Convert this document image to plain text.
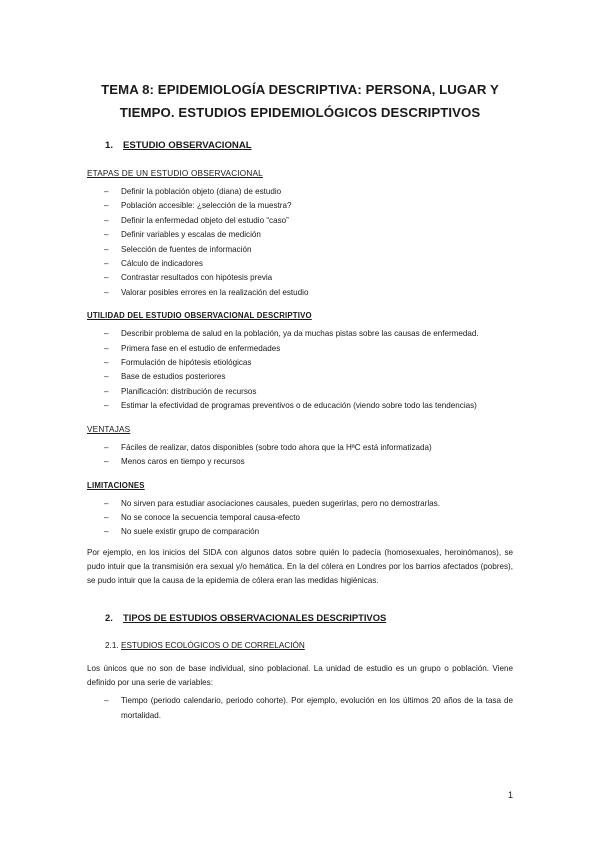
TEMA 8: EPIDEMIOLOGÍA DESCRIPTIVA: PERSONA, LUGAR Y
TIEMPO. ESTUDIOS EPIDEMIOLÓGICOS DESCRIPTIVOS
1. ESTUDIO OBSERVACIONAL
ETAPAS DE UN ESTUDIO OBSERVACIONAL
– Definir la población objeto (diana) de estudio
– Población accesible: ¿selección de la muestra?
– Definir la enfermedad objeto del estudio “caso”
– Definir variables y escalas de medición
– Selección de fuentes de información
– Cálculo de indicadores
– Contrastar resultados con hipótesis previa
– Valorar posibles errores en la realización del estudio
UTILIDAD DEL ESTUDIO OBSERVACIONAL DESCRIPTIVO
– Describir problema de salud en la población, ya da muchas pistas sobre las causas de enfermedad.
– Primera fase en el estudio de enfermedades
– Formulación de hipótesis etiológicas
– Base de estudios posteriores
– Planificación: distribución de recursos
– Estimar la efectividad de programas preventivos o de educación (viendo sobre todo las tendencias)
VENTAJAS
– Fáciles de realizar, datos disponibles (sobre todo ahora que la HªC está informatizada)
– Menos caros en tiempo y recursos
LIMITACIONES
– No sirven para estudiar asociaciones causales, pueden sugerirlas, pero no demostrarlas.
– No se conoce la secuencia temporal causa-efecto
– No suele existir grupo de comparación

Por ejemplo, en los inicios del SIDA con algunos datos sobre quién lo padecía (homosexuales, heroinómanos), se pudo intuir que la transmisión era sexual y/o hemática. En la del cólera en Londres por los barrios afectados (pobres), se pudo intuir que la causa de la epidemia de cólera eran las medidas higiénicas.

2. TIPOS DE ESTUDIOS OBSERVACIONALES DESCRIPTIVOS
2.1. ESTUDIOS ECOLÓGICOS O DE CORRELACIÓN

Los únicos que no son de base individual, sino poblacional. La unidad de estudio es un grupo o población. Viene definido por una serie de variables:

– Tiempo (periodo calendario, periodo cohorte). Por ejemplo, evolución en los últimos 20 años de la tasa de mortalidad.
1
